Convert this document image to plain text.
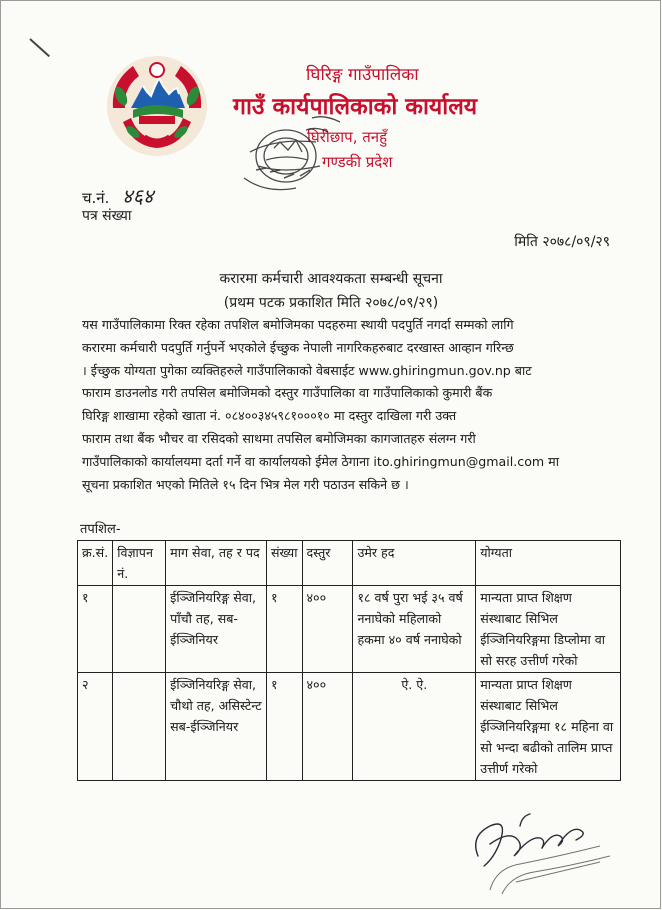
घिरिङ्ग गाउँपालिका
गाउँ कार्यपालिकाको कार्यालय
घिरीछाप, तनहुँ
गण्डकी प्रदेश
च.नं. ४६४
पत्र संख्या
मिति २०७८/०९/२९
करारमा कर्मचारी आवश्यकता सम्बन्धी सूचना
(प्रथम पटक प्रकाशित मिति २०७८/०९/२९)
यस गाउँपालिकामा रिक्त रहेका तपशिल बमोजिमका पदहरुमा स्थायी पदपुर्ति नगर्दा सम्मको लागि
करारमा कर्मचारी पदपुर्ति गर्नुपर्ने भएकोले ईच्छुक नेपाली नागरिकहरुबाट दरखास्त आव्हान गरिन्छ
। ईच्छुक योग्यता पुगेका व्यक्तिहरुले गाउँपालिकाको वेबसाईट www.ghiringmun.gov.np बाट
फाराम डाउनलोड गरी तपसिल बमोजिमको दस्तुर गाउँपालिका वा गाउँपालिकाको कुमारी बैंक
घिरिङ्ग शाखामा रहेको खाता नं. ०८४००३४५९८१०००१० मा दस्तुर दाखिला गरी उक्त
फाराम तथा बैंक भौचर वा रसिदको साथमा तपसिल बमोजिमका कागजातहरु संलग्न गरी
गाउँपालिकाको कार्यालयमा दर्ता गर्ने वा कार्यालयको ईमेल ठेगाना ito.ghiringmun@gmail.com मा
सूचना प्रकाशित भएको मितिले १५ दिन भित्र मेल गरी पठाउन सकिने छ ।
तपशिल-
क्र.सं.	विज्ञापन नं.	माग सेवा, तह र पद	संख्या	दस्तुर	उमेर हद	योग्यता
१		ईञ्जिनियरिङ्ग सेवा, पाँचौ तह, सब-ईञ्जिनियर	१	४००	१८ वर्ष पुरा भई ३५ वर्ष ननाघेको महिलाको हकमा ४० वर्ष ननाघेको	मान्यता प्राप्त शिक्षण संस्थाबाट सिभिल ईञ्जिनियरिङ्गमा डिप्लोमा वा सो सरह उत्तीर्ण गरेको
२		ईञ्जिनियरिङ्ग सेवा, चौथो तह, असिस्टेन्ट सब-ईञ्जिनियर	१	४००	ऐ. ऐ.	मान्यता प्राप्त शिक्षण संस्थाबाट सिभिल ईञ्जिनियरिङ्गमा १८ महिना वा सो भन्दा बढीको तालिम प्राप्त उत्तीर्ण गरेको
